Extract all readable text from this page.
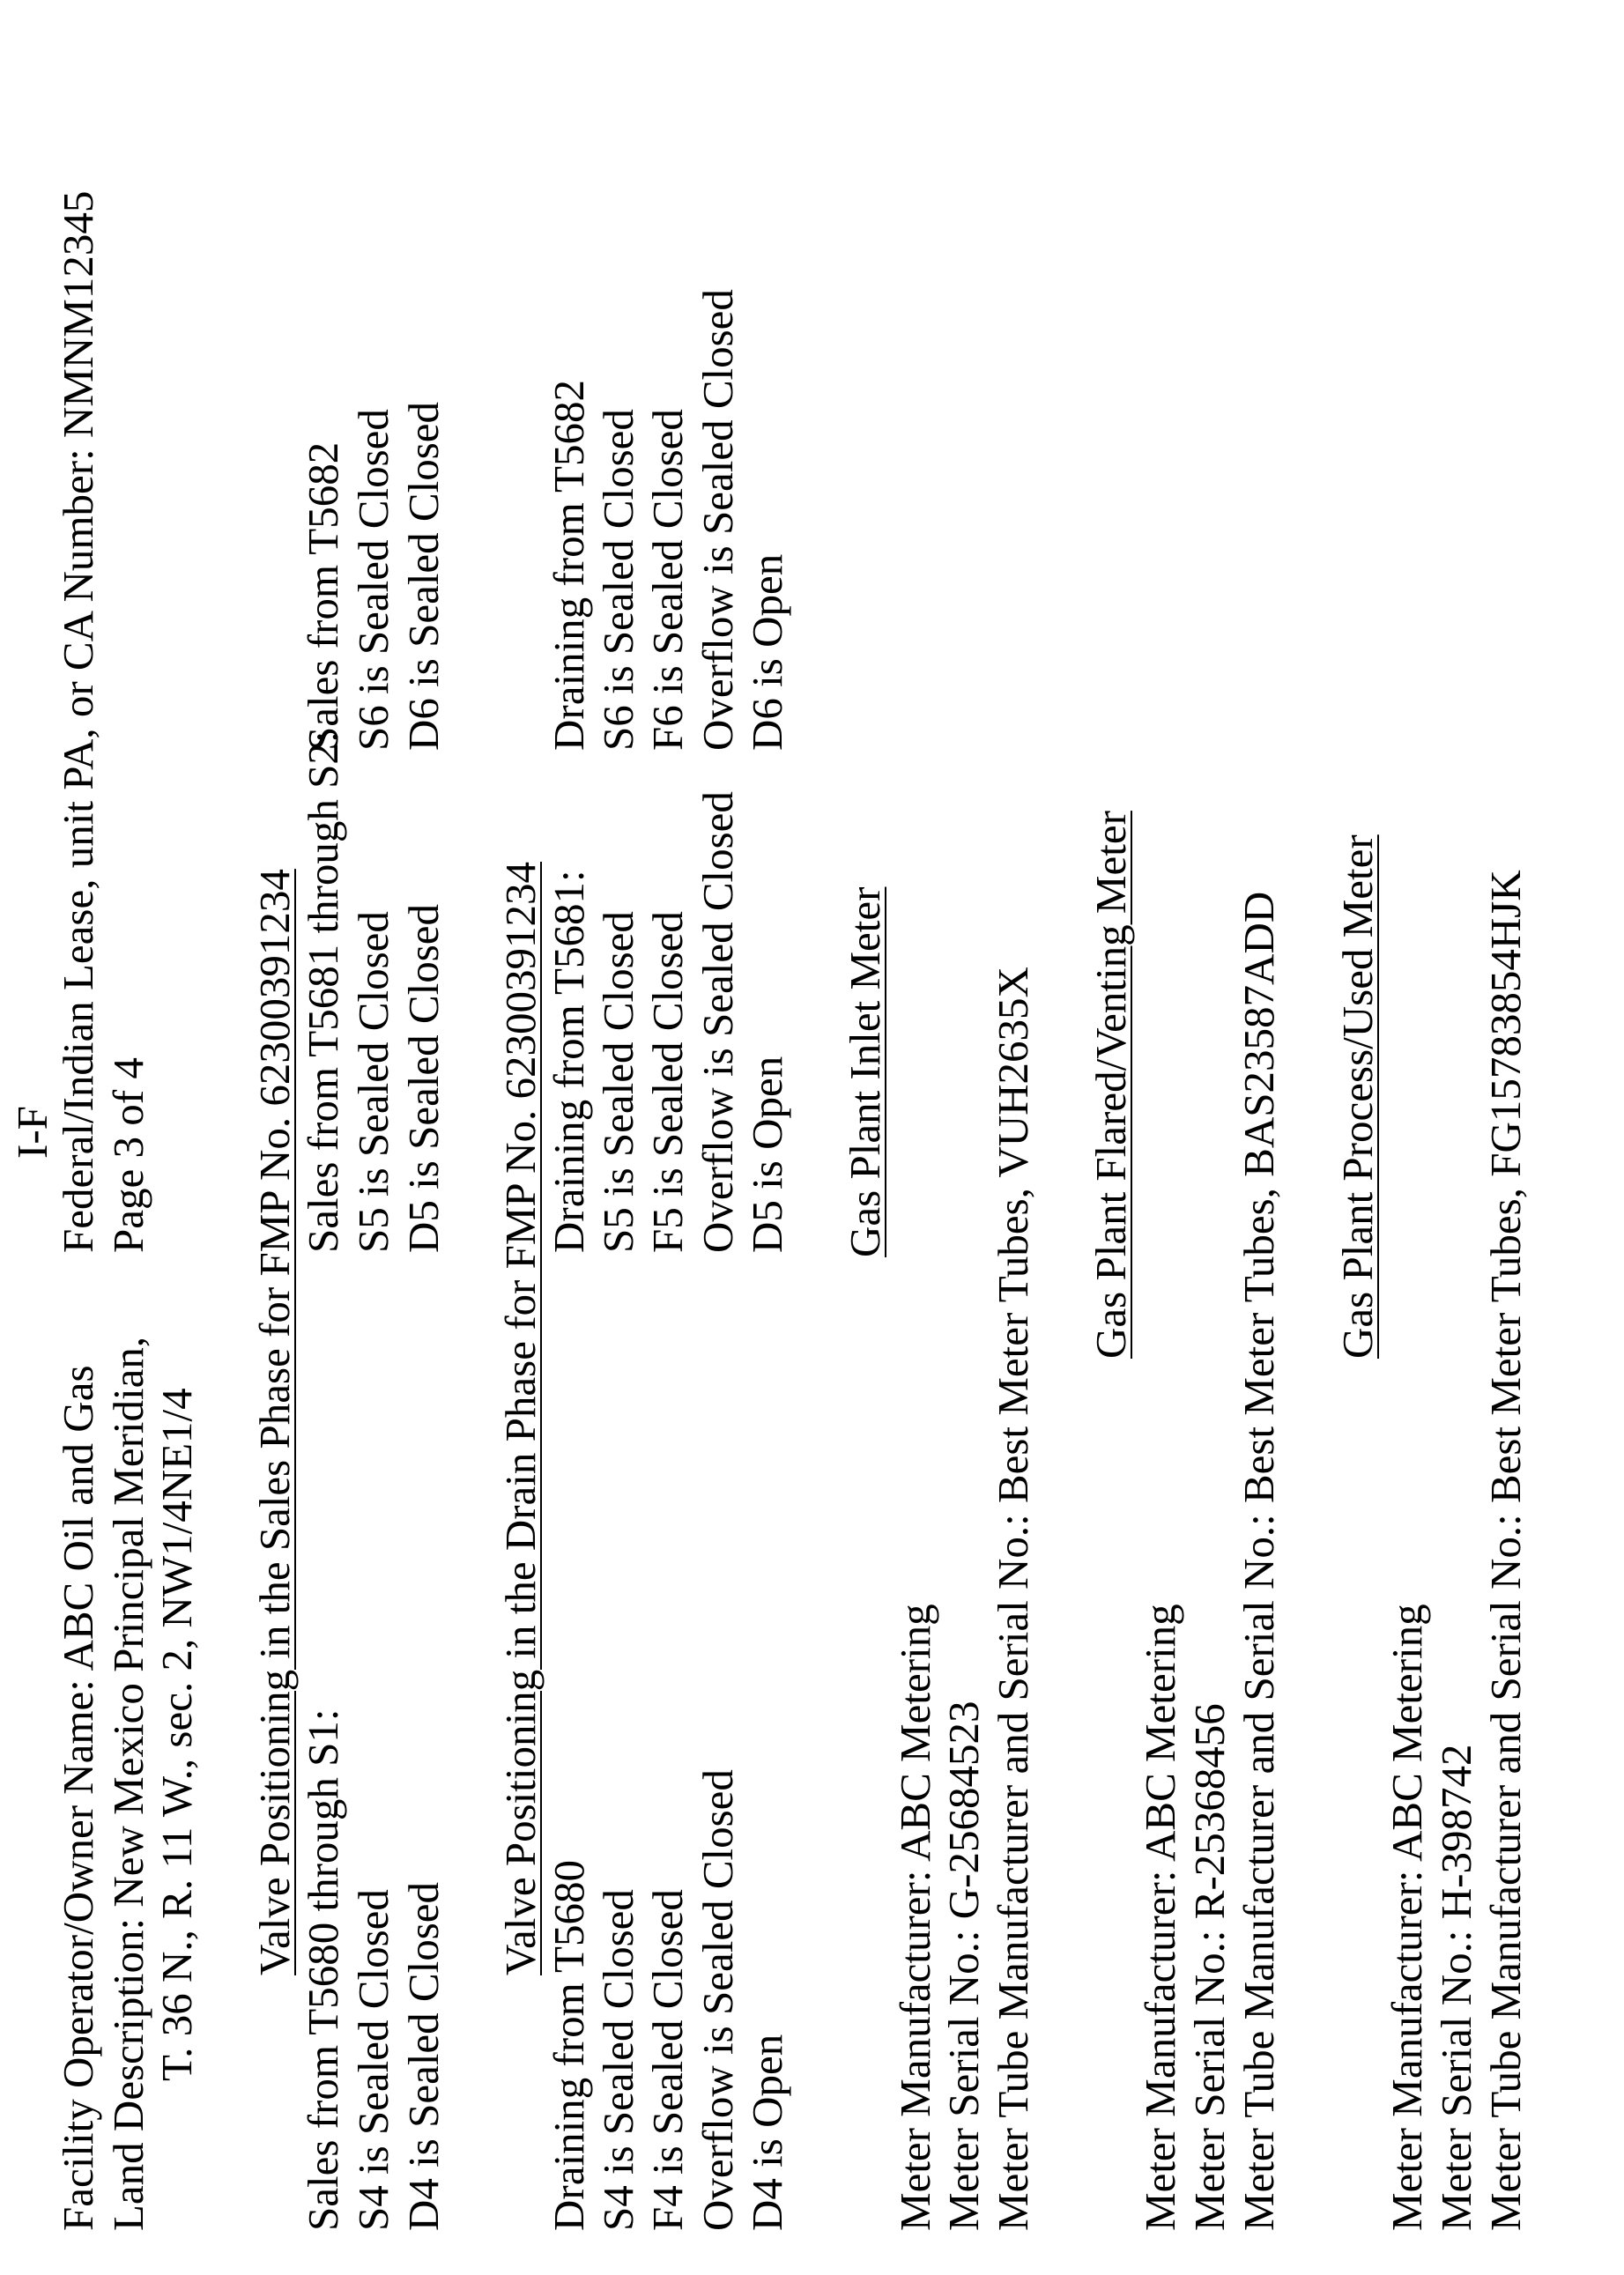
I-F
Facility Operator/Owner Name: ABC Oil and Gas
Federal/Indian Lease, unit PA, or CA Number: NMNM12345
Land Description: New Mexico Principal Meridian,
Page 3 of 4
T. 36 N., R. 11 W., sec. 2, NW1/4NE1/4 Valve Positioning in the Sales Phase for FMP No. 62300391234 Sales from T5680 through S1:
Sales from T5681 through S2:
Sales from T5682
S4 is Sealed Closed
S5 is Sealed Closed
S6 is Sealed Closed
D4 is Sealed Closed
D5 is Sealed Closed
D6 is Sealed Closed
Valve Positioning in the Drain Phase for FMP No. 62300391234
Draining from T5680
Draining from T5681:
Draining from T5682
S4 is Sealed Closed
S5 is Sealed Closed
S6 is Sealed Closed
F4 is Sealed Closed
F5 is Sealed Closed
F6 is Sealed Closed
Overflow is Sealed Closed
Overflow is Sealed Closed
Overflow is Sealed Closed
D4 is Open
D5 is Open
D6 is Open
Gas Plant Inlet Meter
Meter Manufacturer: ABC Metering Meter Serial No.: G-25684523 Meter Tube Manufacturer and Serial No.: Best Meter Tubes, VUH2635X Gas Plant Flared/Venting Meter
Meter Manufacturer: ABC Metering Meter Serial No.: R-25368456 Meter Tube Manufacturer and Serial No.: Best Meter Tubes, BAS23587ADD Gas Plant Process/Used Meter
Meter Manufacturer: ABC Metering Meter Serial No.: H-398742 Meter Tube Manufacturer and Serial No.: Best Meter Tubes, FG15783854HJK
